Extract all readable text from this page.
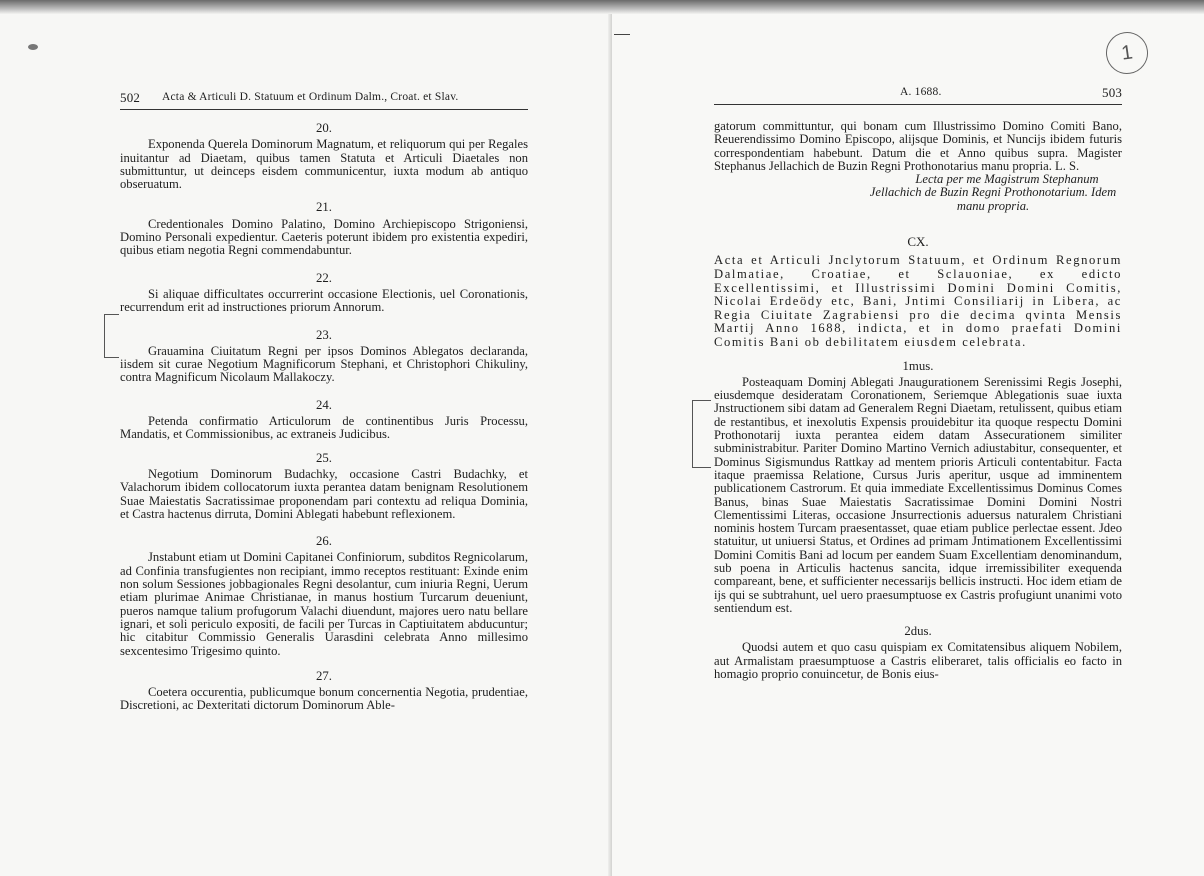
502 Acta & Articuli D. Statuum et Ordinum Dalm., Croat. et Slav.
20.

Exponenda Querela Dominorum Magnatum, et reliquorum qui per Regales inuitantur ad Diaetam, quibus tamen Statuta et Articuli Diaetales non submittuntur, ut deinceps eisdem communicentur, iuxta modum ab antiquo obseruatum.

21.

Credentionales Domino Palatino, Domino Archiepiscopo Strigoniensi, Domino Personali expedientur. Caeteris poterunt ibidem pro existentia expediri, quibus etiam negotia Regni commendabuntur.

22.

Si aliquae difficultates occurrerint occasione Electionis, uel Coronationis, recurrendum erit ad instructiones priorum Annorum.

23.

Grauamina Ciuitatum Regni per ipsos Dominos Ablegatos declaranda, iisdem sit curae Negotium Magnificorum Stephani, et Christophori Chikuliny, contra Magnificum Nicolaum Mallakoczy.

24.

Petenda confirmatio Articulorum de continentibus Juris Processu, Mandatis, et Commissionibus, ac extraneis Judicibus.

25.

Negotium Dominorum Budachky, occasione Castri Budachky, et Valachorum ibidem collocatorum iuxta perantea datam benignam Resolutionem Suae Maiestatis Sacratissimae proponendam pari contextu ad reliqua Dominia, et Castra hactenus dirruta, Domini Ablegati habebunt reflexionem.

26.

Jnstabunt etiam ut Domini Capitanei Confiniorum, subditos Regnicolarum, ad Confinia transfugientes non recipiant, immo receptos restituant: Exinde enim non solum Sessiones jobbagionales Regni desolantur, cum iniuria Regni, Uerum etiam plurimae Animae Christianae, in manus hostium Turcarum deueniunt, pueros namque talium profugorum Valachi diuendunt, majores uero natu bellare ignari, et soli periculo expositi, de facili per Turcas in Captiuitatem abducuntur; hic citabitur Commissio Generalis Uarasdini celebrata Anno millesimo sexcentesimo Trigesimo quinto.

27.

Coetera occurentia, publicumque bonum concernentia Negotia, prudentiae, Discretioni, ac Dexteritati dictorum Dominorum Able-

A. 1688.	503
1

gatorum committuntur, qui bonam cum Illustrissimo Domino Comiti Bano, Reuerendissimo Domino Episcopo, alijsque Dominis, et Nuncijs ibidem futuris correspondentiam habebunt. Datum die et Anno quibus supra. Magister Stephanus Jellachich de Buzin Regni Prothonotarius manu propria. L. S.

Lecta per me Magistrum Stephanum Jellachich de Buzin Regni Prothonotarium. Idem manu propria.

CX.

Acta et Articuli Jnclytorum Statuum, et Ordinum Regnorum Dalmatiae, Croatiae, et Sclauoniae, ex edicto Excellentissimi, et Illustrissimi Domini Domini Comitis, Nicolai Erdeödy etc, Bani, Jntimi Consiliarij in Libera, ac Regia Ciuitate Zagrabiensi pro die decima qvinta Mensis Martij Anno 1688, indicta, et in domo praefati Domini Comitis Bani ob debilitatem eiusdem celebrata.

1mus.

Posteaquam Dominj Ablegati Jnaugurationem Serenissimi Regis Josephi, eiusdemque desideratam Coronationem, Seriemque Ablegationis suae iuxta Jnstructionem sibi datam ad Generalem Regni Diaetam, retulissent, quibus etiam de restantibus, et inexolutis Expensis prouidebitur ita quoque respectu Domini Prothonotarij iuxta perantea eidem datam Assecurationem similiter subministrabitur. Pariter Domino Martino Vernich adiustabitur, consequenter, et Dominus Sigismundus Rattkay ad mentem prioris Articuli contentabitur. Facta itaque praemissa Relatione, Cursus Juris aperitur, usque ad imminentem publicationem Castrorum. Et quia immediate Excellentissimus Dominus Comes Banus, binas Suae Maiestatis Sacratissimae Domini Domini Nostri Clementissimi Literas, occasione Jnsurrectionis aduersus naturalem Christiani nominis hostem Turcam praesentasset, quae etiam publice perlectae essent. Jdeo statuitur, ut uniuersi Status, et Ordines ad primam Jntimationem Excellentissimi Domini Comitis Bani ad locum per eandem Suam Excellentiam denominandum, sub poena in Articulis hactenus sancita, idque irremissibiliter exequenda compareant, bene, et sufficienter necessarijs bellicis instructi. Hoc idem etiam de ijs qui se subtrahunt, uel uero praesumptuose ex Castris profugiunt unanimi voto sentiendum est.

2dus.

Quodsi autem et quo casu quispiam ex Comitatensibus aliquem Nobilem, aut Armalistam praesumptuose a Castris eliberaret, talis officialis eo facto in homagio proprio conuincetur, de Bonis eius-
